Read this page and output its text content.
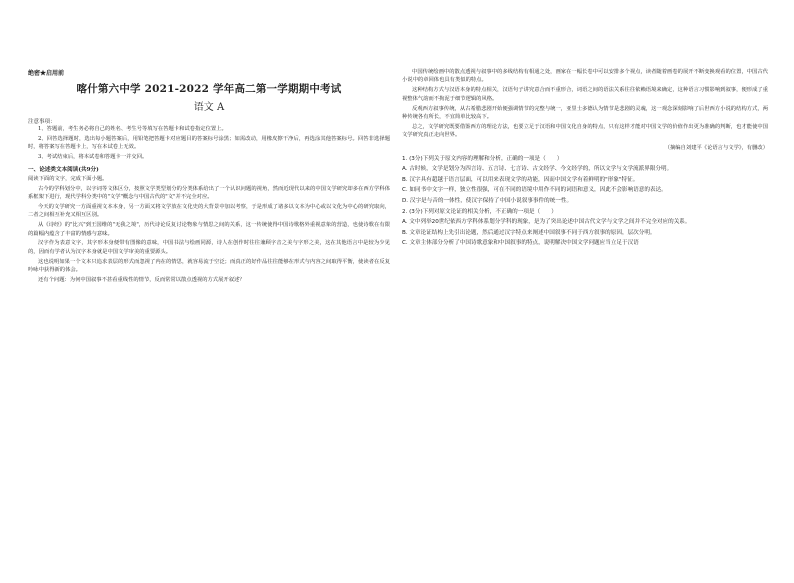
绝密★启用前
喀什第六中学 2021-2022 学年高二第一学期期中考试
语文 A
注意事项：

1、答题前，考生务必将自己的姓名、考生号等填写在答题卡和试卷指定位置上。

2、回答选择题时，选出每小题答案后，用铅笔把答题卡对应题目的答案标号涂黑；如需改动，用橡皮擦干净后，再选涂其他答案标号。回答非选择题时，将答案写在答题卡上，写在本试卷上无效。

3、考试结束后，将本试卷和答题卡一并交回。

一、论述类文本阅读(共9分)

阅读下面的文字，完成下面小题。

古今的学科划分中，以字词等文体区分，按照文学类型划分的分类体系给出了一个认识问题的视角，然而近现代以来的中国文学研究却多在西方学科体系框架下进行，现代学科分类中的"文学"概念与中国古代的"文"并不完全对应。

今天的文学研究一方面重视文本本身，另一方面又将文学放在文化史的大背景中加以考察，于是形成了诸多以文本为中心或以文化为中心的研究取向，二者之间相互补充又相互区别。

从《诗经》的"比兴"到王国维的"无我之境"，历代诗论反复讨论物象与情思之间的关系，这一传统使得中国诗歌格外重视意象的营造，也使诗歌在有限的篇幅内蕴含了丰富的情感与意味。

汉字作为表意文字，其字形本身便带有图像的意味，中国书法与绘画同源，诗人在创作时往往兼顾字音之美与字形之美，这在其他语言中是较为少见的，因而有学者认为汉字本身就是中国文学审美的重要源头。

这也说明如果一个文本只追求表层的形式而忽视了内在的情思，就容易流于空泛；而真正的好作品往往能够在形式与内容之间取得平衡，使读者在反复吟咏中获得新的体会。

还有个问题：为何中国叙事不甚看重线性的情节，反而常常以散点透视的方式展开叙述？

中国传统绘画中的散点透视与叙事中的多线结构有相通之处，画家在一幅长卷中可以安排多个视点，读者随着画卷的展开不断变换观看的位置，中国古代小说中的章回体也具有类似的特点。

这种结构方式与汉语本身的特点相关，汉语句子讲究意合而不重形合，词语之间的语法关系往往依赖语境来确定，这种语言习惯影响到叙事，便形成了重视整体气韵而不拘泥于细节逻辑的风格。

反观西方叙事传统，从古希腊悲剧开始便强调情节的完整与统一，亚里士多德认为情节是悲剧的灵魂，这一观念深刻影响了后世西方小说的结构方式，两种传统各有所长，不宜简单比较高下。

总之，文学研究既要借鉴西方的理论方法，也要立足于汉语和中国文化自身的特点，只有这样才能对中国文学的价值作出更为准确的判断，也才能使中国文学研究真正走向世界。

（摘编自刘建平《论语言与文学》，有删改）

1. (3分)下列关于原文内容的理解和分析，正确的一项是（　　）

A. 古时候，文学是划分为四言诗、五言诗、七言诗、古文经学、今文经学的，所以文学与文学流派界限分明。

B. 汉字具有超越于语言层面，可以用来表现文学的功能，因而中国文学有着鲜明的"形象"特征。

C. 如同书中文字一样，独立性很强，可在不同的语境中用作不同的词语和意义，因此不会影响语意的表达。

D. 汉字是与音的一体性，使汉字保持了中国小说叙事事件的统一性。

2. (3分)下列对原文论证的相关分析，不正确的一项是（　　）

A. 文中列举20世纪依西方学科体系划分学科的现象，是为了突出论述中国古代文学与文学之间并不完全对应的关系。

B. 文章论证结构上先引出论题，然后通过汉字特点来阐述中国叙事不同于西方叙事的原因，层次分明。

C. 文章主体部分分析了中国诗歌意象和中国叙事的特点，说明解决中国文学问题应当立足于汉语
